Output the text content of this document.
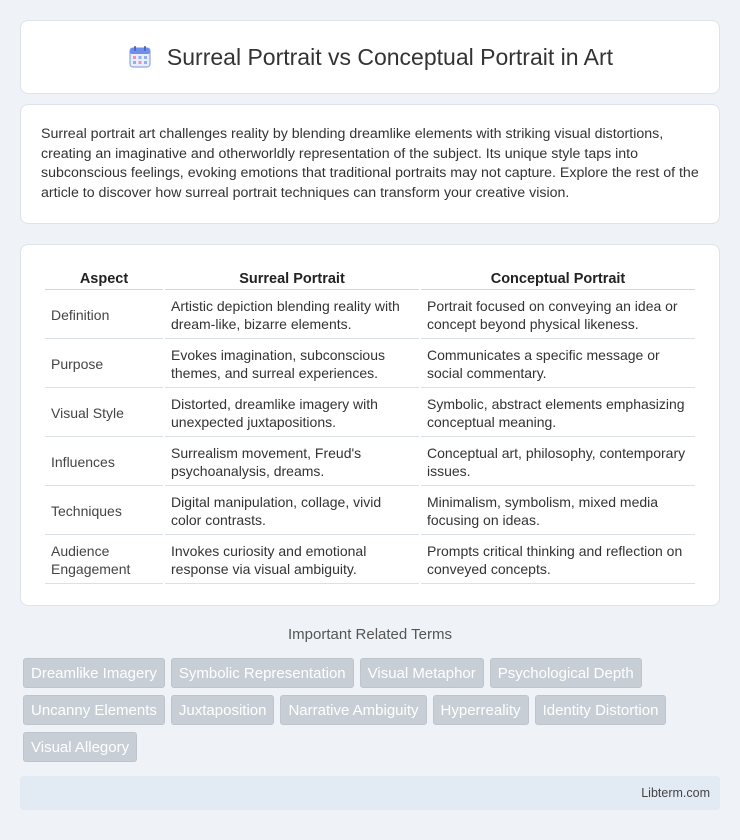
Surreal Portrait vs Conceptual Portrait in Art

Surreal portrait art challenges reality by blending dreamlike elements with striking visual distortions, creating an imaginative and otherworldly representation of the subject. Its unique style taps into subconscious feelings, evoking emotions that traditional portraits may not capture. Explore the rest of the article to discover how surreal portrait techniques can transform your creative vision.

Aspect	Surreal Portrait	Conceptual Portrait
Definition	Artistic depiction blending reality with dream-like, bizarre elements.	Portrait focused on conveying an idea or concept beyond physical likeness.
Purpose	Evokes imagination, subconscious themes, and surreal experiences.	Communicates a specific message or social commentary.
Visual Style	Distorted, dreamlike imagery with unexpected juxtapositions.	Symbolic, abstract elements emphasizing conceptual meaning.
Influences	Surrealism movement, Freud's psychoanalysis, dreams.	Conceptual art, philosophy, contemporary issues.
Techniques	Digital manipulation, collage, vivid color contrasts.	Minimalism, symbolism, mixed media focusing on ideas.
Audience Engagement	Invokes curiosity and emotional response via visual ambiguity.	Prompts critical thinking and reflection on conveyed concepts.
Important Related Terms
Dreamlike Imagery	Symbolic Representation	Visual Metaphor	Psychological Depth
Uncanny Elements	Juxtaposition	Narrative Ambiguity	Hyperreality	Identity Distortion
Visual Allegory
Libterm.com
